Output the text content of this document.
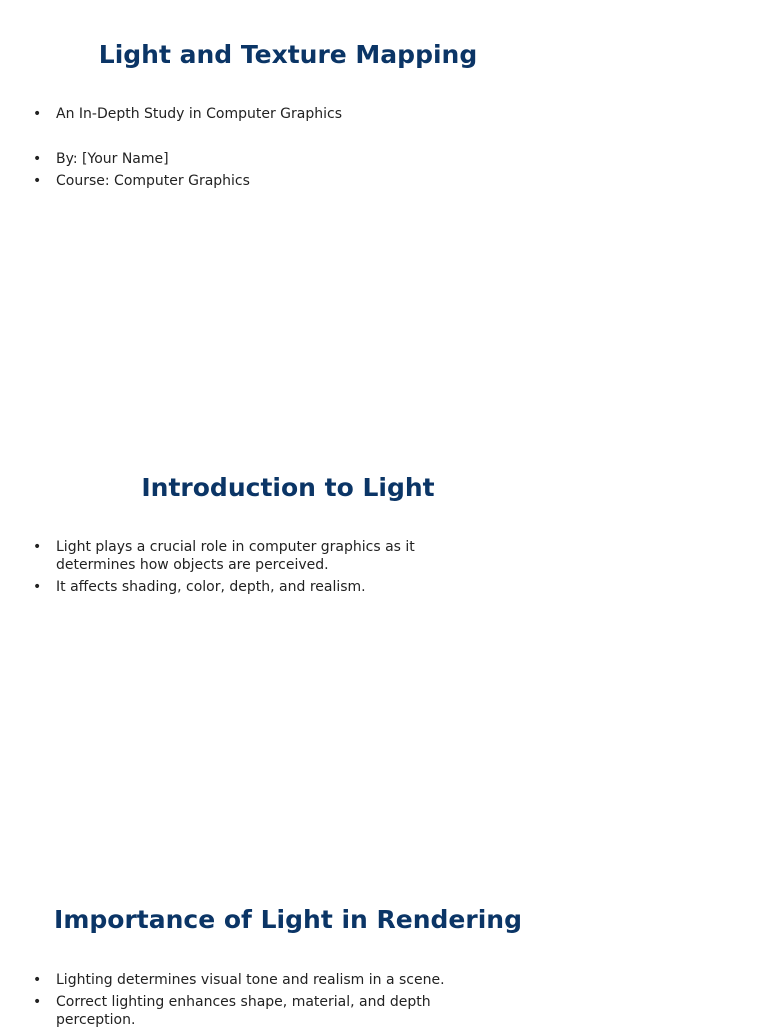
Light and Texture Mapping
• An In-Depth Study in Computer Graphics
• By: [Your Name]
• Course: Computer Graphics
Introduction to Light
• Light plays a crucial role in computer graphics as it determines how objects are perceived.
• It affects shading, color, depth, and realism.
Importance of Light in Rendering
• Lighting determines visual tone and realism in a scene.
• Correct lighting enhances shape, material, and depth perception.
